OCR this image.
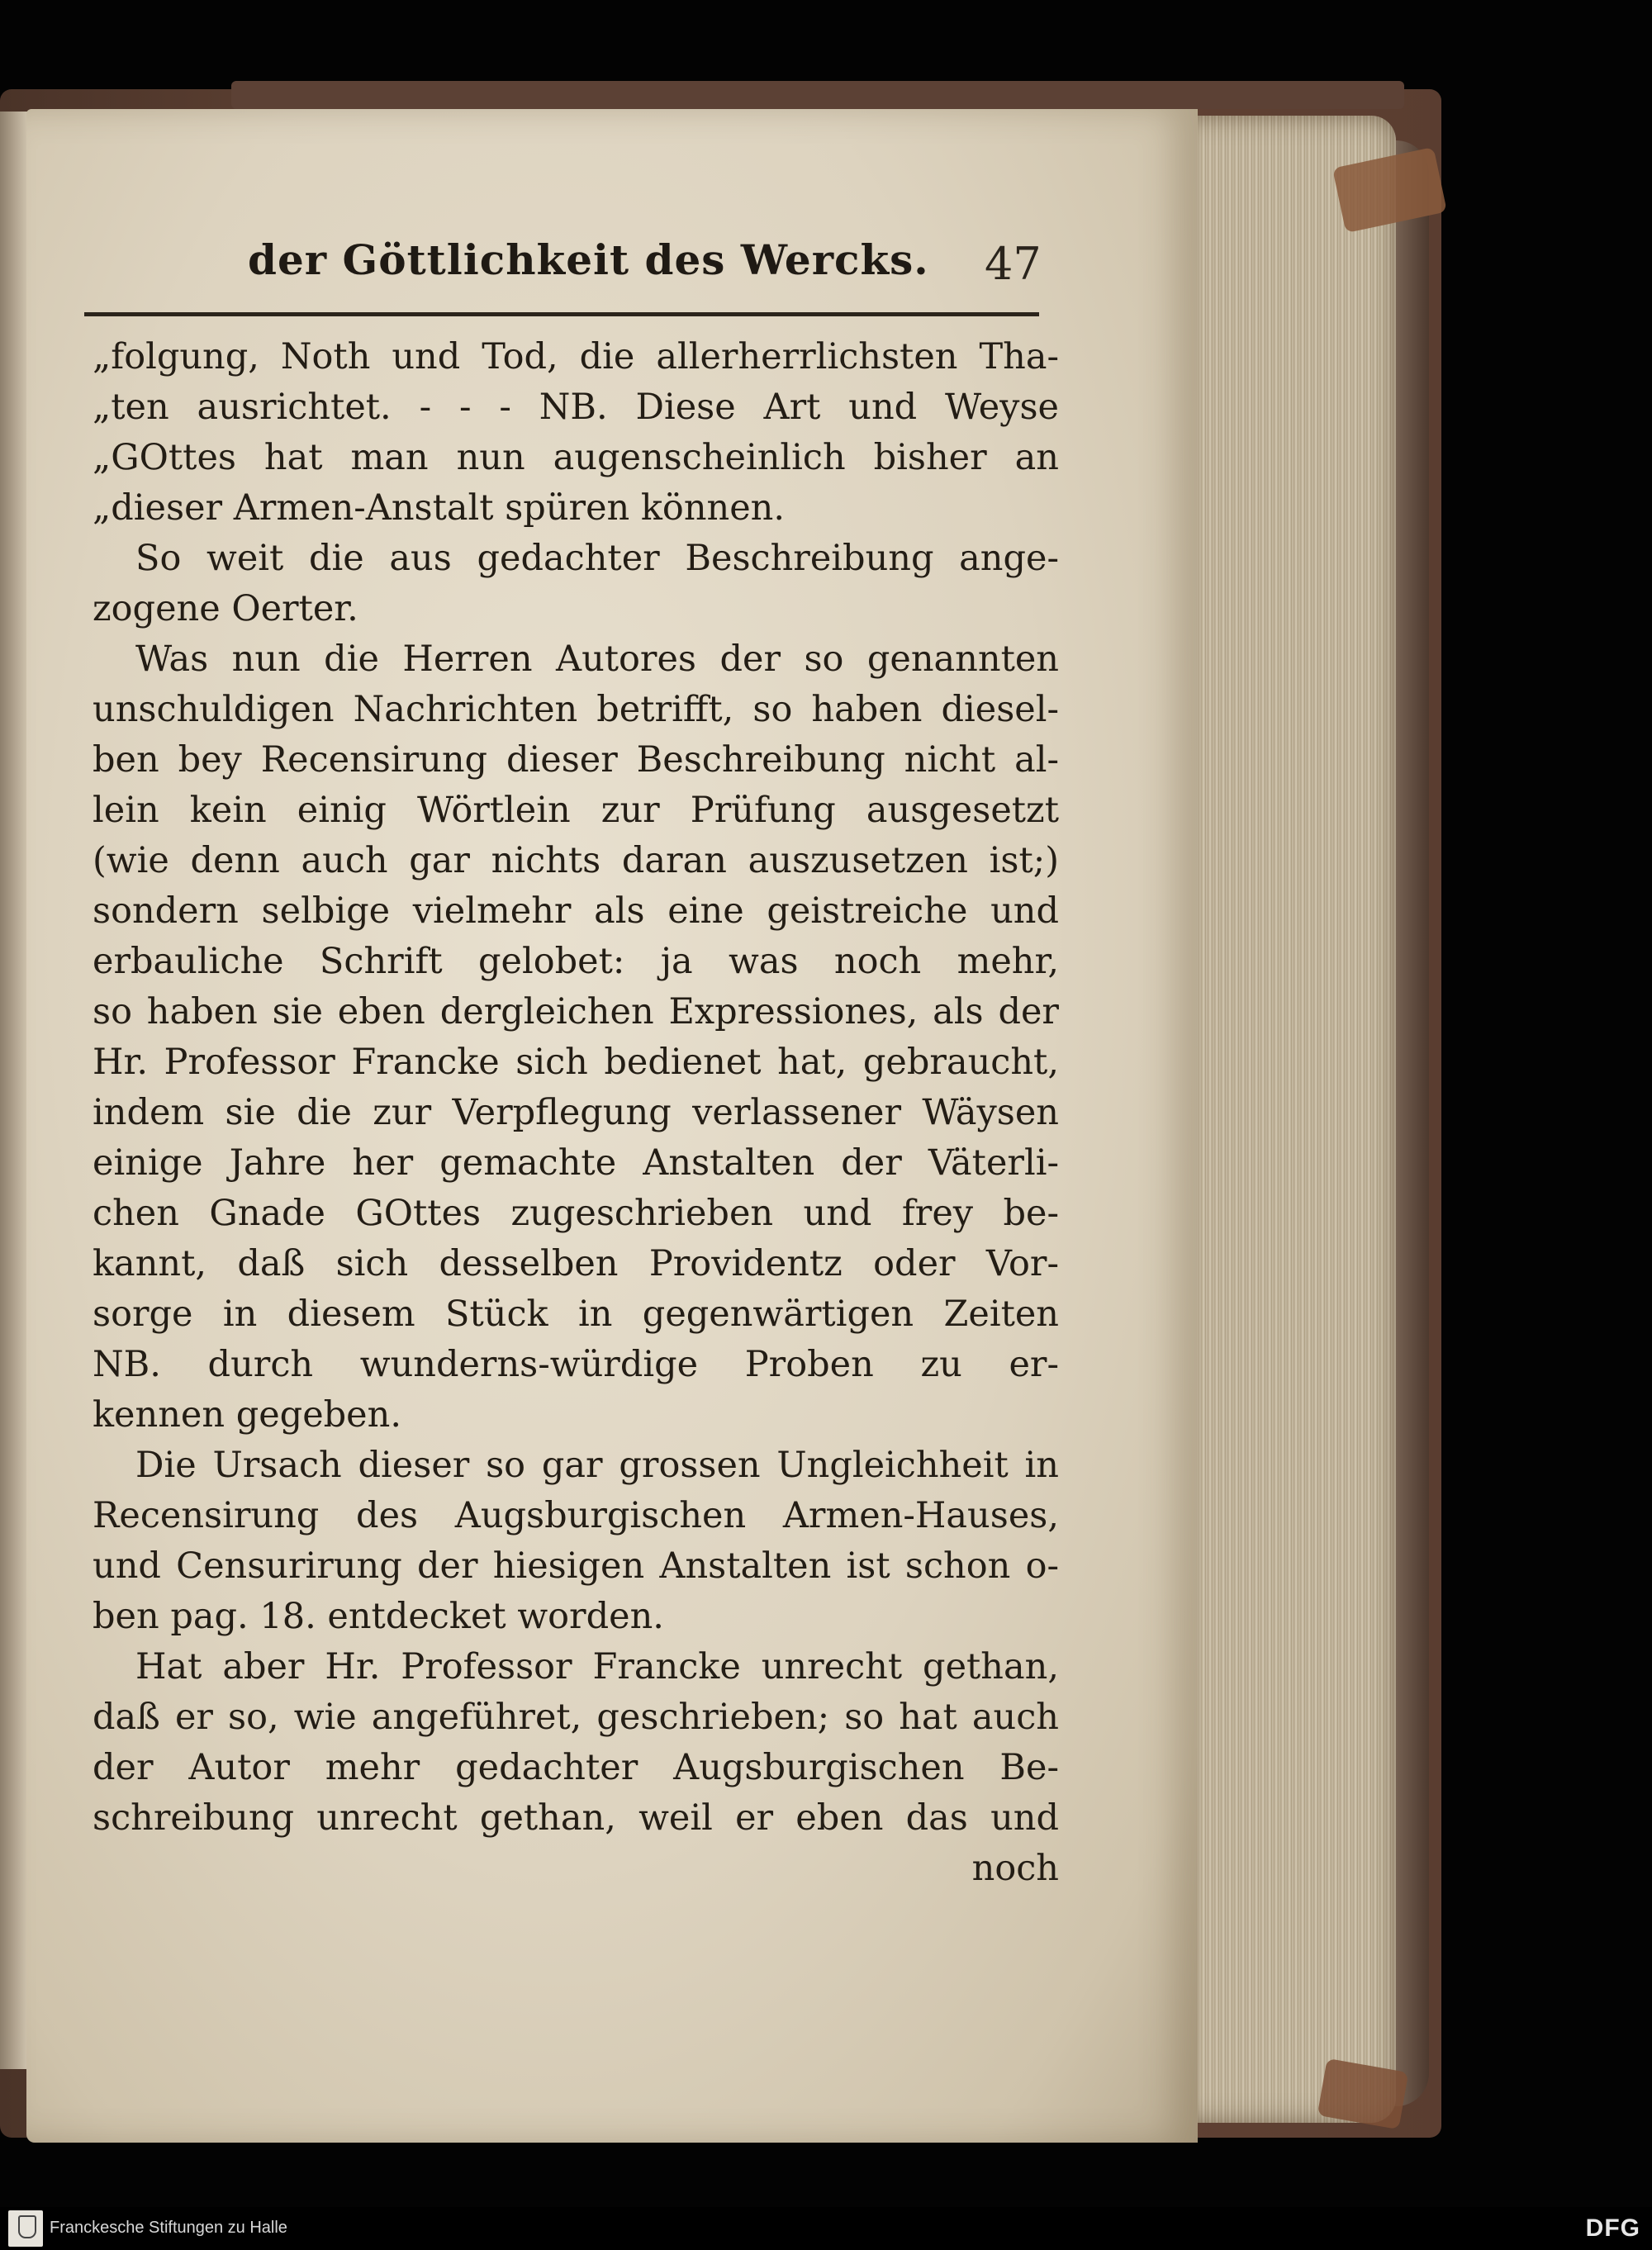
der Göttlichkeit des Wercks. 47
„folgung, Noth und Tod, die allerherrlichsten Tha-
„ten ausrichtet. - - - NB. Diese Art und Weyse
„GOttes hat man nun augenscheinlich bisher an
„dieser Armen-Anstalt spüren können.
So weit die aus gedachter Beschreibung ange-
zogene Oerter.
Was nun die Herren Autores der so genannten
unschuldigen Nachrichten betrifft, so haben diesel-
ben bey Recensirung dieser Beschreibung nicht al-
lein kein einig Wörtlein zur Prüfung ausgesetzt
(wie denn auch gar nichts daran auszusetzen ist;)
sondern selbige vielmehr als eine geistreiche und
erbauliche Schrift gelobet: ja was noch mehr,
so haben sie eben dergleichen Expressiones, als der
Hr. Professor Francke sich bedienet hat, gebraucht,
indem sie die zur Verpflegung verlassener Wäysen
einige Jahre her gemachte Anstalten der Väterli-
chen Gnade GOttes zugeschrieben und frey be-
kannt, daß sich desselben Providentz oder Vor-
sorge in diesem Stück in gegenwärtigen Zeiten
NB. durch wunderns-würdige Proben zu er-
kennen gegeben.
Die Ursach dieser so gar grossen Ungleichheit in
Recensirung des Augsburgischen Armen-Hauses,
und Censurirung der hiesigen Anstalten ist schon o-
ben pag. 18. entdecket worden.
Hat aber Hr. Professor Francke unrecht gethan,
daß er so, wie angeführet, geschrieben; so hat auch
der Autor mehr gedachter Augsburgischen Be-
schreibung unrecht gethan, weil er eben das und
noch
Franckesche Stiftungen zu Halle	DFG
